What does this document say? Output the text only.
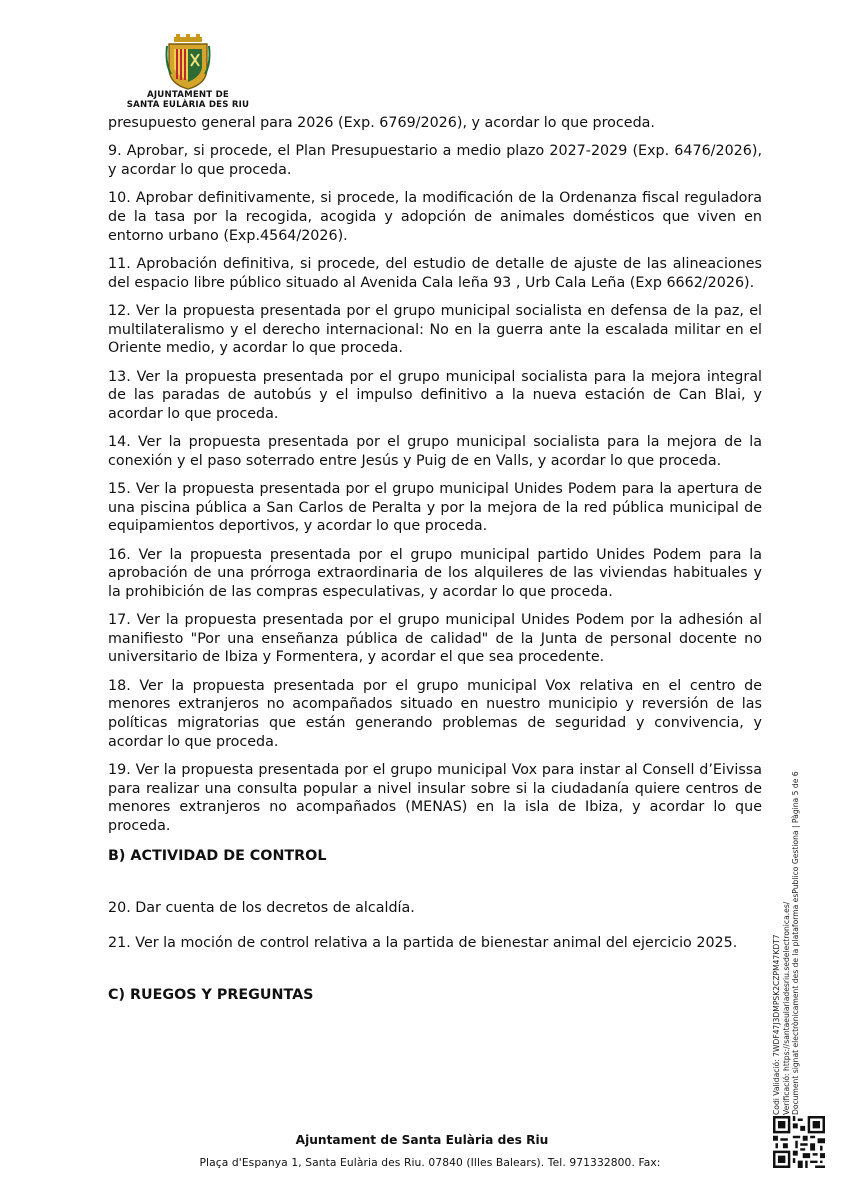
AJUNTAMENT DE
SANTA EULÀRIA DES RIU

presupuesto general para 2026 (Exp. 6769/2026), y acordar lo que proceda.

9. Aprobar, si procede, el Plan Presupuestario a medio plazo 2027-2029 (Exp. 6476/2026), y acordar lo que proceda.

10. Aprobar definitivamente, si procede, la modificación de la Ordenanza fiscal reguladora de la tasa por la recogida, acogida y adopción de animales domésticos que viven en entorno urbano (Exp.4564/2026).

11. Aprobación definitiva, si procede, del estudio de detalle de ajuste de las alineaciones del espacio libre público situado al Avenida Cala leña 93 , Urb Cala Leña (Exp 6662/2026).

12. Ver la propuesta presentada por el grupo municipal socialista en defensa de la paz, el multilateralismo y el derecho internacional: No en la guerra ante la escalada militar en el Oriente medio, y acordar lo que proceda.

13. Ver la propuesta presentada por el grupo municipal socialista para la mejora integral de las paradas de autobús y el impulso definitivo a la nueva estación de Can Blai, y acordar lo que proceda.

14. Ver la propuesta presentada por el grupo municipal socialista para la mejora de la conexión y el paso soterrado entre Jesús y Puig de en Valls, y acordar lo que proceda.

15. Ver la propuesta presentada por el grupo municipal Unides Podem para la apertura de una piscina pública a San Carlos de Peralta y por la mejora de la red pública municipal de equipamientos deportivos, y acordar lo que proceda.

16. Ver la propuesta presentada por el grupo municipal partido Unides Podem para la aprobación de una prórroga extraordinaria de los alquileres de las viviendas habituales y la prohibición de las compras especulativas, y acordar lo que proceda.

17. Ver la propuesta presentada por el grupo municipal Unides Podem por la adhesión al manifiesto "Por una enseñanza pública de calidad" de la Junta de personal docente no universitario de Ibiza y Formentera, y acordar el que sea procedente.

18. Ver la propuesta presentada por el grupo municipal Vox relativa en el centro de menores extranjeros no acompañados situado en nuestro municipio y reversión de las políticas migratorias que están generando problemas de seguridad y convivencia, y acordar lo que proceda.

19. Ver la propuesta presentada por el grupo municipal Vox para instar al Consell d’Eivissa para realizar una consulta popular a nivel insular sobre si la ciudadanía quiere centros de menores extranjeros no acompañados (MENAS) en la isla de Ibiza, y acordar lo que proceda.

B) ACTIVIDAD DE CONTROL

20. Dar cuenta de los decretos de alcaldía.

21. Ver la moción de control relativa a la partida de bienestar animal del ejercicio 2025.

C) RUEGOS Y PREGUNTAS

Ajuntament de Santa Eulària des Riu
Plaça d'Espanya 1, Santa Eulària des Riu. 07840 (Illes Balears). Tel. 971332800. Fax:
Codi Validació: 7WDF47J3DMPSK2CZPM47KDT7 Verificació: https://santaeulariadesriu.sedelectronica.es/ Document signat electrònicament des de la plataforma esPublico Gestiona | Pàgina 5 de 6
